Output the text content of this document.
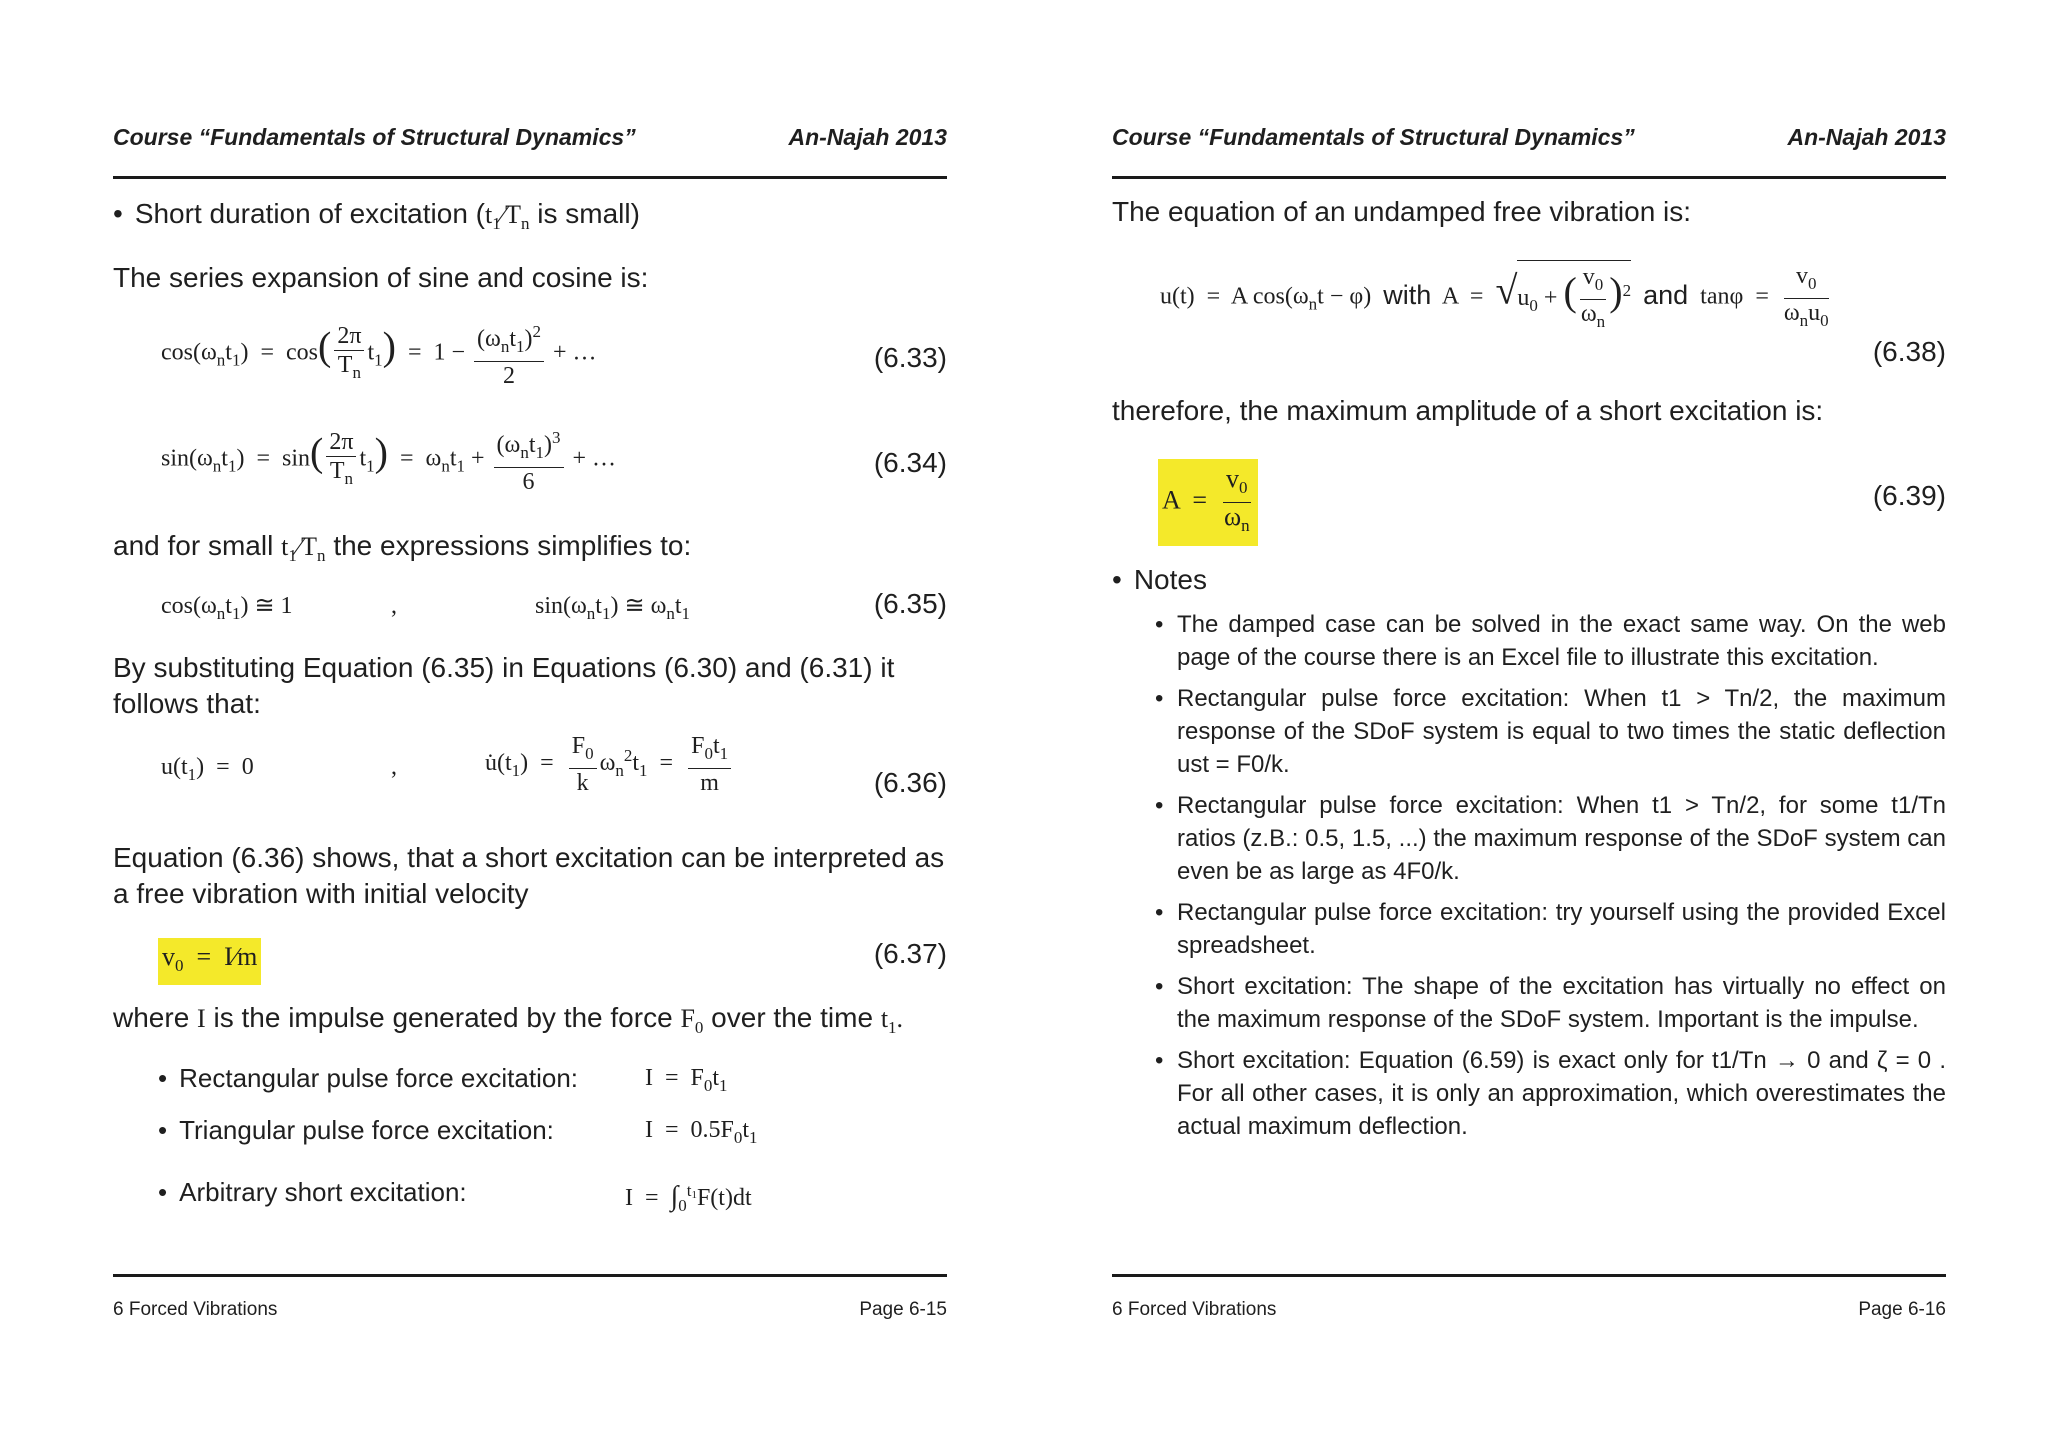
Course “Fundamentals of Structural Dynamics”	An-Najah 2013
• Short duration of excitation ($t_1∕T_n$ is small)
The series expansion of sine and cosine is:
$\cos(\omega_nt_1) = \cos( \frac{2\pi}{T_n} t_1) = 1 - \frac{(\omega_nt_1)^2}{2}$ + …	(6.33)
$\sin(\omega_nt_1) = \sin( \frac{2\pi}{T_n} t_1) = \omega_nt_1 + \frac{(\omega_nt_1)^3}{6}$ + …	(6.34)
and for small $t_1∕T_n$ the expressions simplifies to:
$\cos(\omega_nt_1)$ ≅ 1	,	$\sin(\omega_nt_1)$ ≅ $\omega_nt_1$	(6.35)
By substituting Equation (6.35) in Equations (6.30) and (6.31) it follows that:
$u(t_1) = 0$	,	$u̇(t_1) = \frac{F_0}{k} \omega_n^2t_1 = \frac{F_0t_1}{m}$	(6.36)
Equation (6.36) shows, that a short excitation can be interpreted as a free vibration with initial velocity
$v_0$  =  I∕m	(6.37)
where I is the impulse generated by the force $F_0$ over the time $t_1$.
• Rectangular pulse force excitation:	$I = F_0t_1$
• Triangular pulse force excitation:	$I = 0.5F_0t_1$
• Arbitrary short excitation:	$I = \int_0^{t_1}F(t)dt$
6 Forced Vibrations	Page 6-15
Course “Fundamentals of Structural Dynamics”	An-Najah 2013
The equation of an undamped free vibration is:
u(t)  =  A $\cos(\omega_nt - \varphi)$ with $A = √u_0$ + ( $\frac{v_0}{\omega_n} )^2$ and $\tan\varphi = \frac{v_0}{\omega_nu_0}$
(6.38)
therefore, the maximum amplitude of a short excitation is:
$A = \frac{v_0}{\omega_n}$	(6.39)
• Notes
• The damped case can be solved in the exact same way. On the web page of the course there is an Excel file to illustrate this excitation.
• Rectangular pulse force excitation: When t1 > Tn/2, the maximum response of the SDoF system is equal to two times the static deflection ust = F0/k.
• Rectangular pulse force excitation: When t1 > Tn/2, for some t1/Tn ratios (z.B.: 0.5, 1.5, ...) the maximum response of the SDoF system can even be as large as 4F0/k.
• Rectangular pulse force excitation: try yourself using the provided Excel spreadsheet.
• Short excitation: The shape of the excitation has virtually no effect on the maximum response of the SDoF system. Important is the impulse.
• Short excitation: Equation (6.59) is exact only for t1/Tn → 0 and ζ = 0 . For all other cases, it is only an approximation, which overestimates the actual maximum deflection.
6 Forced Vibrations	Page 6-16
